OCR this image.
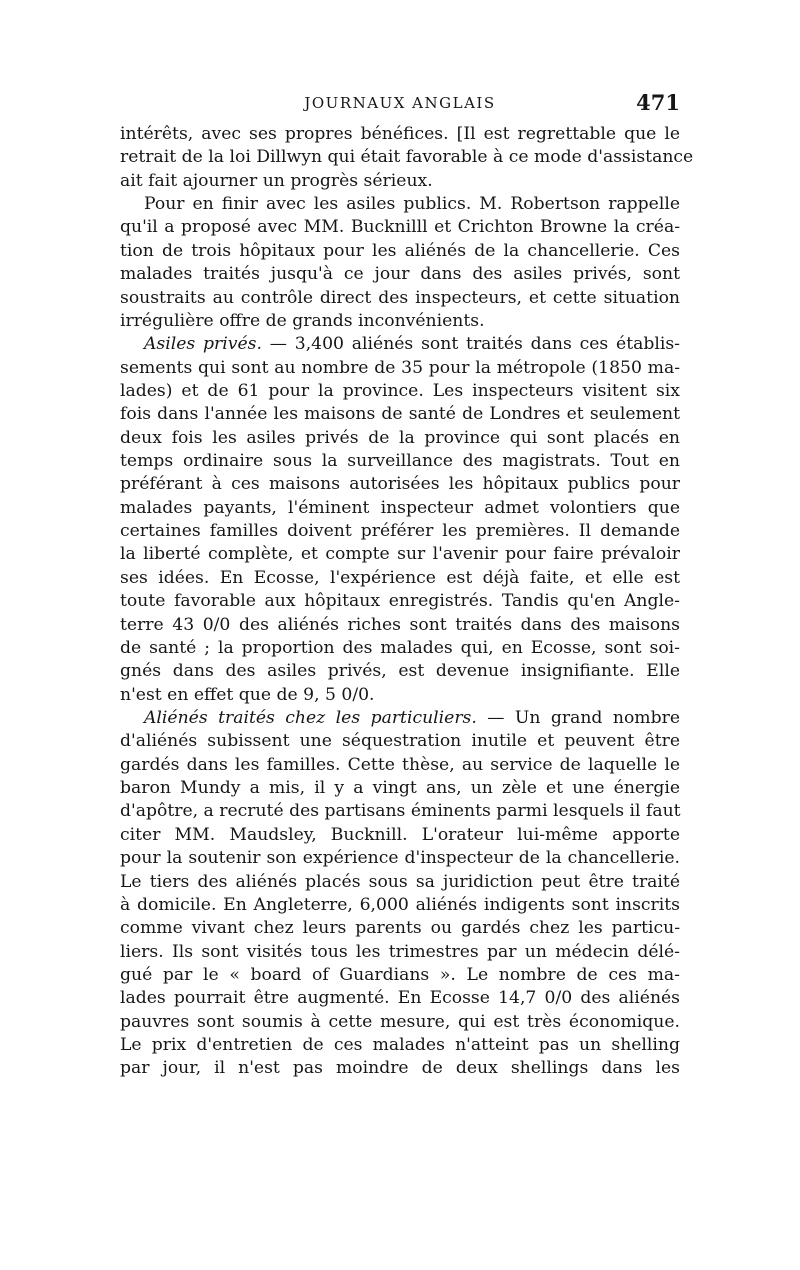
JOURNAUX ANGLAIS	471
intérêts, avec ses propres bénéfices. [Il est regrettable que le
retrait de la loi Dillwyn qui était favorable à ce mode d'assistance
ait fait ajourner un progrès sérieux.
Pour en finir avec les asiles publics. M. Robertson rappelle
qu'il a proposé avec MM. Bucknilll et Crichton Browne la créa-
tion de trois hôpitaux pour les aliénés de la chancellerie. Ces
malades traités jusqu'à ce jour dans des asiles privés, sont
soustraits au contrôle direct des inspecteurs, et cette situation
irrégulière offre de grands inconvénients.
Asiles privés. — 3,400 aliénés sont traités dans ces établis-
sements qui sont au nombre de 35 pour la métropole (1850 ma-
lades) et de 61 pour la province. Les inspecteurs visitent six
fois dans l'année les maisons de santé de Londres et seulement
deux fois les asiles privés de la province qui sont placés en
temps ordinaire sous la surveillance des magistrats. Tout en
préférant à ces maisons autorisées les hôpitaux publics pour
malades payants, l'éminent inspecteur admet volontiers que
certaines familles doivent préférer les premières. Il demande
la liberté complète, et compte sur l'avenir pour faire prévaloir
ses idées. En Ecosse, l'expérience est déjà faite, et elle est
toute favorable aux hôpitaux enregistrés. Tandis qu'en Angle-
terre 43 0/0 des aliénés riches sont traités dans des maisons
de santé ; la proportion des malades qui, en Ecosse, sont soi-
gnés dans des asiles privés, est devenue insignifiante. Elle
n'est en effet que de 9, 5 0/0.
Aliénés traités chez les particuliers. — Un grand nombre
d'aliénés subissent une séquestration inutile et peuvent être
gardés dans les familles. Cette thèse, au service de laquelle le
baron Mundy a mis, il y a vingt ans, un zèle et une énergie
d'apôtre, a recruté des partisans éminents parmi lesquels il faut
citer MM. Maudsley, Bucknill. L'orateur lui-même apporte
pour la soutenir son expérience d'inspecteur de la chancellerie.
Le tiers des aliénés placés sous sa juridiction peut être traité
à domicile. En Angleterre, 6,000 aliénés indigents sont inscrits
comme vivant chez leurs parents ou gardés chez les particu-
liers. Ils sont visités tous les trimestres par un médecin délé-
gué par le « board of Guardians ». Le nombre de ces ma-
lades pourrait être augmenté. En Ecosse 14,7 0/0 des aliénés
pauvres sont soumis à cette mesure, qui est très économique.
Le prix d'entretien de ces malades n'atteint pas un shelling
par jour, il n'est pas moindre de deux shellings dans les
